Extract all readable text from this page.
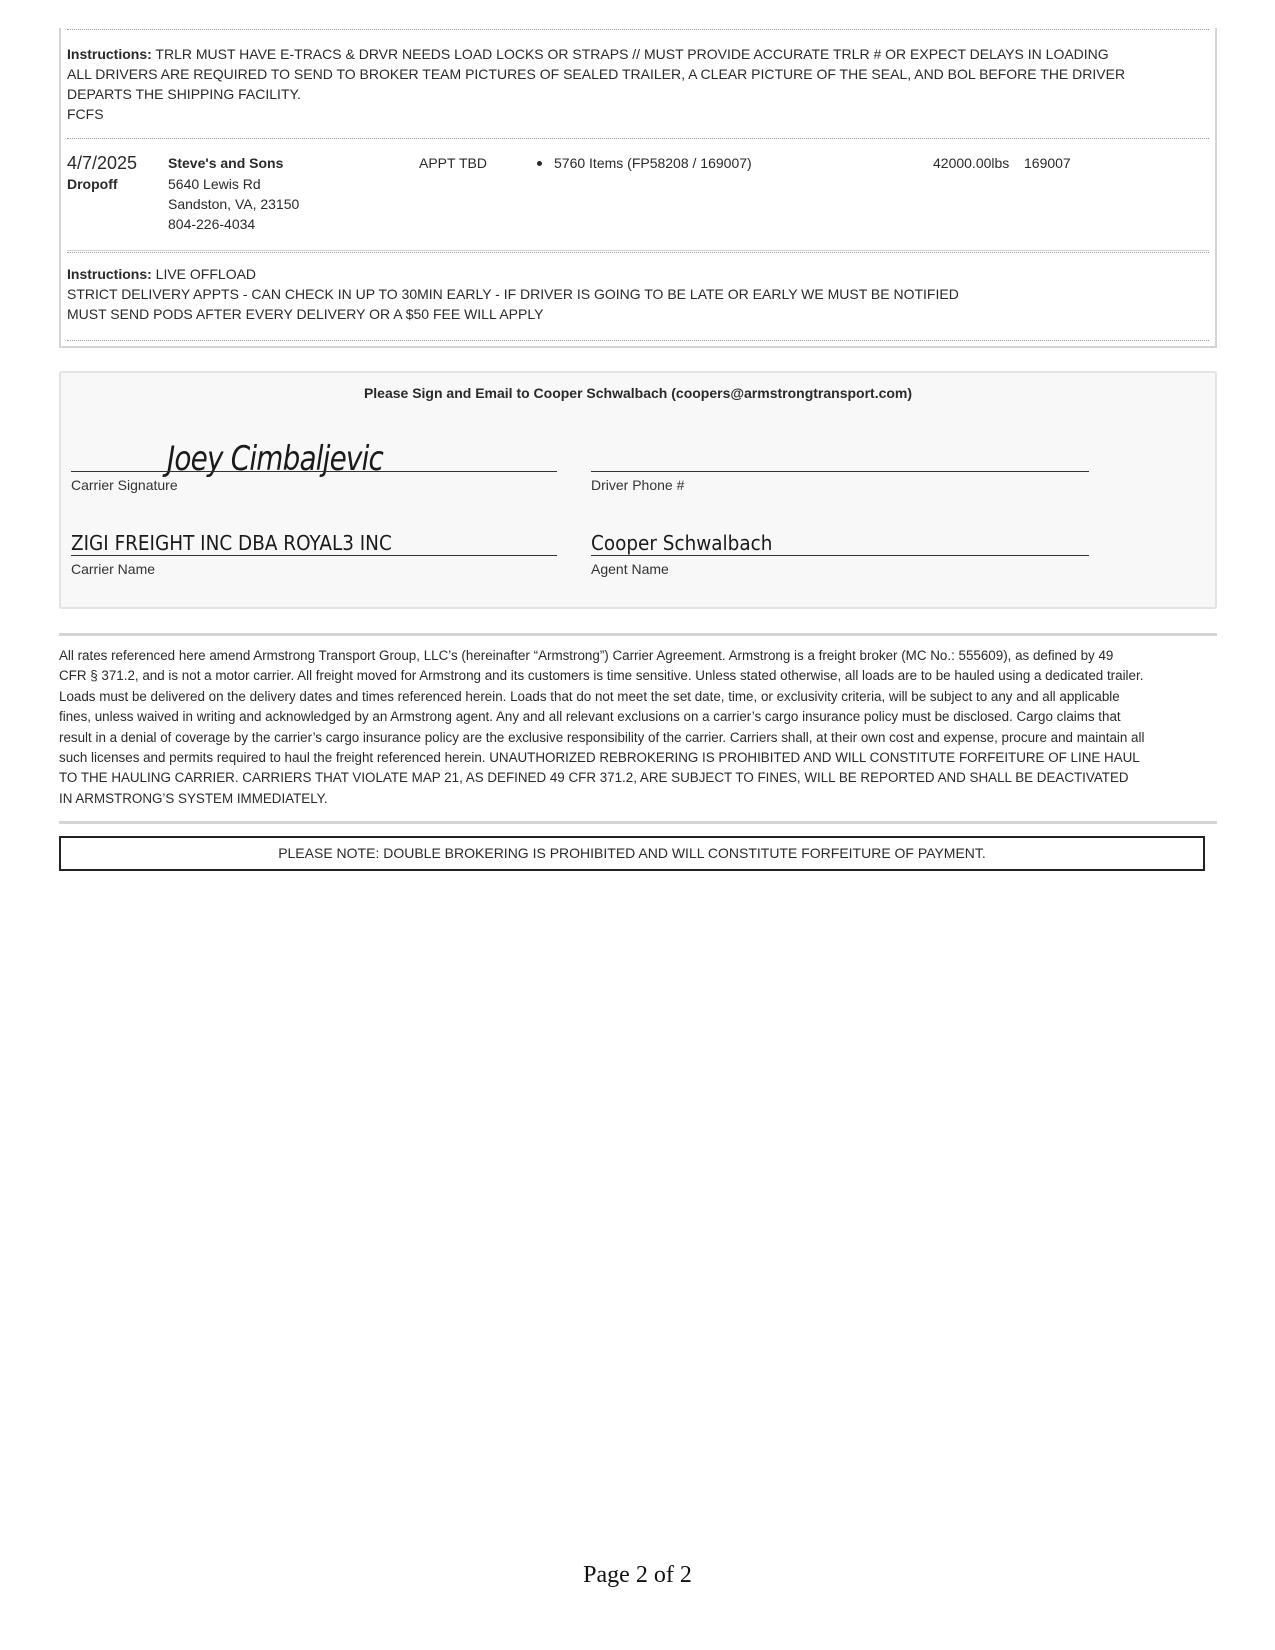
Instructions: TRLR MUST HAVE E-TRACS & DRVR NEEDS LOAD LOCKS OR STRAPS // MUST PROVIDE ACCURATE TRLR # OR EXPECT DELAYS IN LOADING
ALL DRIVERS ARE REQUIRED TO SEND TO BROKER TEAM PICTURES OF SEALED TRAILER, A CLEAR PICTURE OF THE SEAL, AND BOL BEFORE THE DRIVER
DEPARTS THE SHIPPING FACILITY.
FCFS
4/7/2025
Dropoff
Steve's and Sons
5640 Lewis Rd
Sandston, VA, 23150
804-226-4034
APPT TBD	5760 Items (FP58208 / 169007)	42000.00lbs 169007
Instructions: LIVE OFFLOAD
STRICT DELIVERY APPTS - CAN CHECK IN UP TO 30MIN EARLY - IF DRIVER IS GOING TO BE LATE OR EARLY WE MUST BE NOTIFIED
MUST SEND PODS AFTER EVERY DELIVERY OR A $50 FEE WILL APPLY
Please Sign and Email to Cooper Schwalbach (coopers@armstrongtransport.com)
Joey Cimbaljevic
Carrier Signature	Driver Phone #
ZIGI FREIGHT INC DBA ROYAL3 INC
Carrier Name
Cooper Schwalbach
Agent Name
All rates referenced here amend Armstrong Transport Group, LLC’s (hereinafter “Armstrong”) Carrier Agreement. Armstrong is a freight broker (MC No.: 555609), as defined by 49
CFR § 371.2, and is not a motor carrier. All freight moved for Armstrong and its customers is time sensitive. Unless stated otherwise, all loads are to be hauled using a dedicated trailer.
Loads must be delivered on the delivery dates and times referenced herein. Loads that do not meet the set date, time, or exclusivity criteria, will be subject to any and all applicable
fines, unless waived in writing and acknowledged by an Armstrong agent. Any and all relevant exclusions on a carrier’s cargo insurance policy must be disclosed. Cargo claims that
result in a denial of coverage by the carrier’s cargo insurance policy are the exclusive responsibility of the carrier. Carriers shall, at their own cost and expense, procure and maintain all
such licenses and permits required to haul the freight referenced herein. UNAUTHORIZED REBROKERING IS PROHIBITED AND WILL CONSTITUTE FORFEITURE OF LINE HAUL
TO THE HAULING CARRIER. CARRIERS THAT VIOLATE MAP 21, AS DEFINED 49 CFR 371.2, ARE SUBJECT TO FINES, WILL BE REPORTED AND SHALL BE DEACTIVATED
IN ARMSTRONG’S SYSTEM IMMEDIATELY.
PLEASE NOTE: DOUBLE BROKERING IS PROHIBITED AND WILL CONSTITUTE FORFEITURE OF PAYMENT.
Page 2 of 2
